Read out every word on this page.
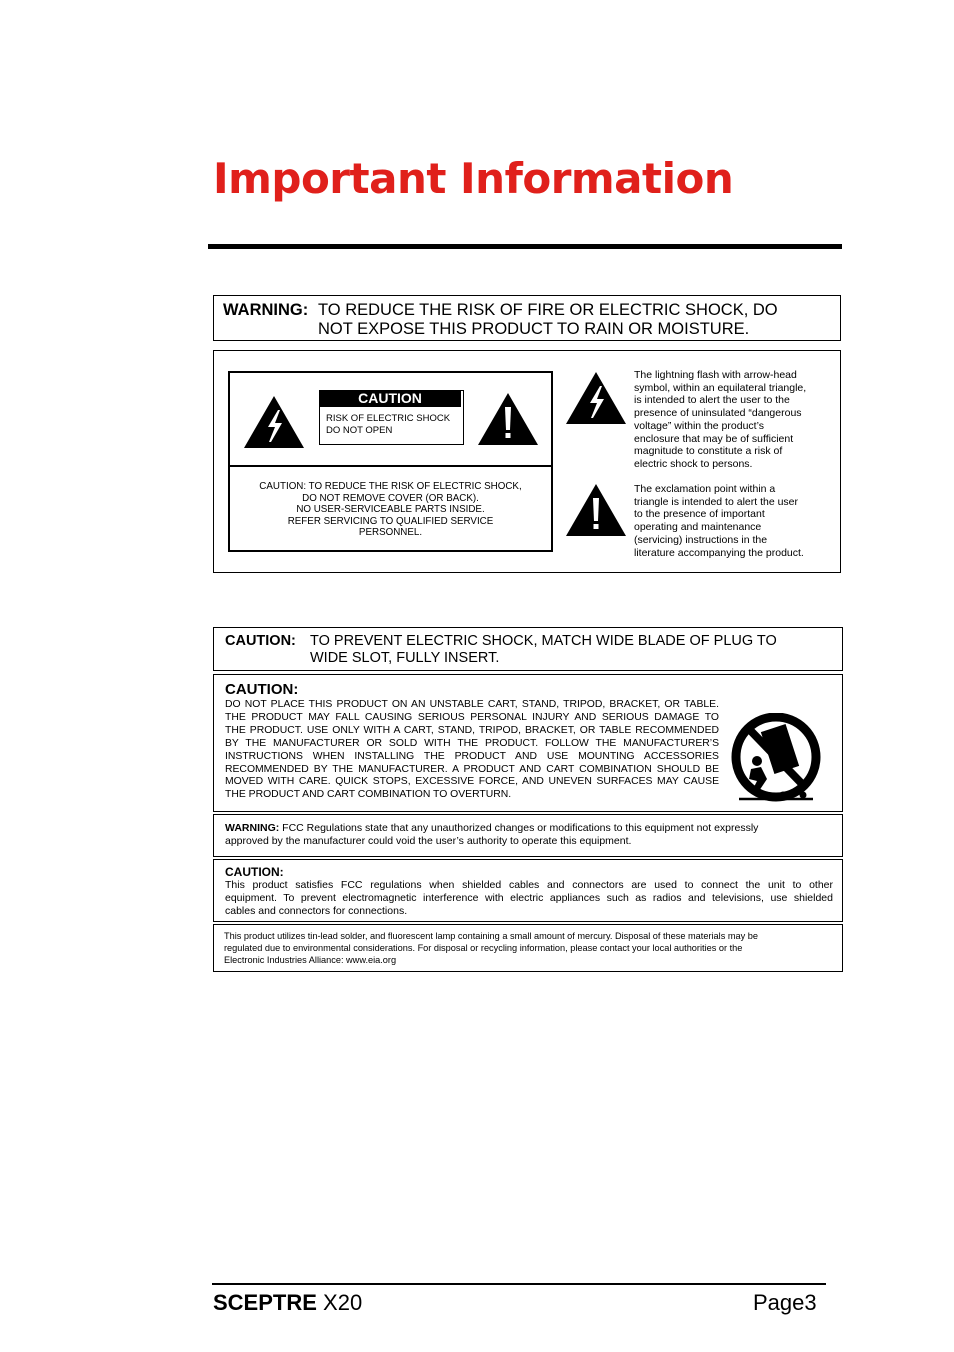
Important Information
WARNING: TO REDUCE THE RISK OF FIRE OR ELECTRIC SHOCK, DO
NOT EXPOSE THIS PRODUCT TO RAIN OR MOISTURE.
RISK OF ELECTRIC SHOCK
DO NOT OPEN
CAUTION
CAUTION: TO REDUCE THE RISK OF ELECTRIC SHOCK,
DO NOT REMOVE COVER (OR BACK).
NO USER-SERVICEABLE PARTS INSIDE.
REFER SERVICING TO QUALIFIED SERVICE
PERSONNEL.
The lightning flash with arrow-head
symbol, within an equilateral triangle,
is intended to alert the user to the
presence of uninsulated “dangerous
voltage” within the product’s
enclosure that may be of sufficient
magnitude to constitute a risk of
electric shock to persons.
The exclamation point within a
triangle is intended to alert the user
to the presence of important
operating and maintenance
(servicing) instructions in the
literature accompanying the product.
CAUTION: TO PREVENT ELECTRIC SHOCK, MATCH WIDE BLADE OF PLUG TO
WIDE SLOT, FULLY INSERT.
CAUTION:
DO NOT PLACE THIS PRODUCT ON AN UNSTABLE CART, STAND, TRIPOD, BRACKET, OR TABLE.
THE PRODUCT MAY FALL CAUSING SERIOUS PERSONAL INJURY AND SERIOUS DAMAGE TO
THE PRODUCT. USE ONLY WITH A CART, STAND, TRIPOD, BRACKET, OR TABLE RECOMMENDED
BY THE MANUFACTURER OR SOLD WITH THE PRODUCT. FOLLOW THE MANUFACTURER’S
INSTRUCTIONS WHEN INSTALLING THE PRODUCT AND USE MOUNTING ACCESSORIES
RECOMMENDED BY THE MANUFACTURER. A PRODUCT AND CART COMBINATION SHOULD BE
MOVED WITH CARE. QUICK STOPS, EXCESSIVE FORCE, AND UNEVEN SURFACES MAY CAUSE
THE PRODUCT AND CART COMBINATION TO OVERTURN.
WARNING: FCC Regulations state that any unauthorized changes or modifications to this equipment not expressly
approved by the manufacturer could void the user’s authority to operate this equipment.
CAUTION:
This product satisfies FCC regulations when shielded cables and connectors are used to connect the unit to other
equipment. To prevent electromagnetic interference with electric appliances such as radios and televisions, use shielded
cables and connectors for connections.
This product utilizes tin-lead solder, and fluorescent lamp containing a small amount of mercury. Disposal of these materials may be
regulated due to environmental considerations. For disposal or recycling information, please contact your local authorities or the
Electronic Industries Alliance: www.eia.org
SCEPTRE X20	Page3
